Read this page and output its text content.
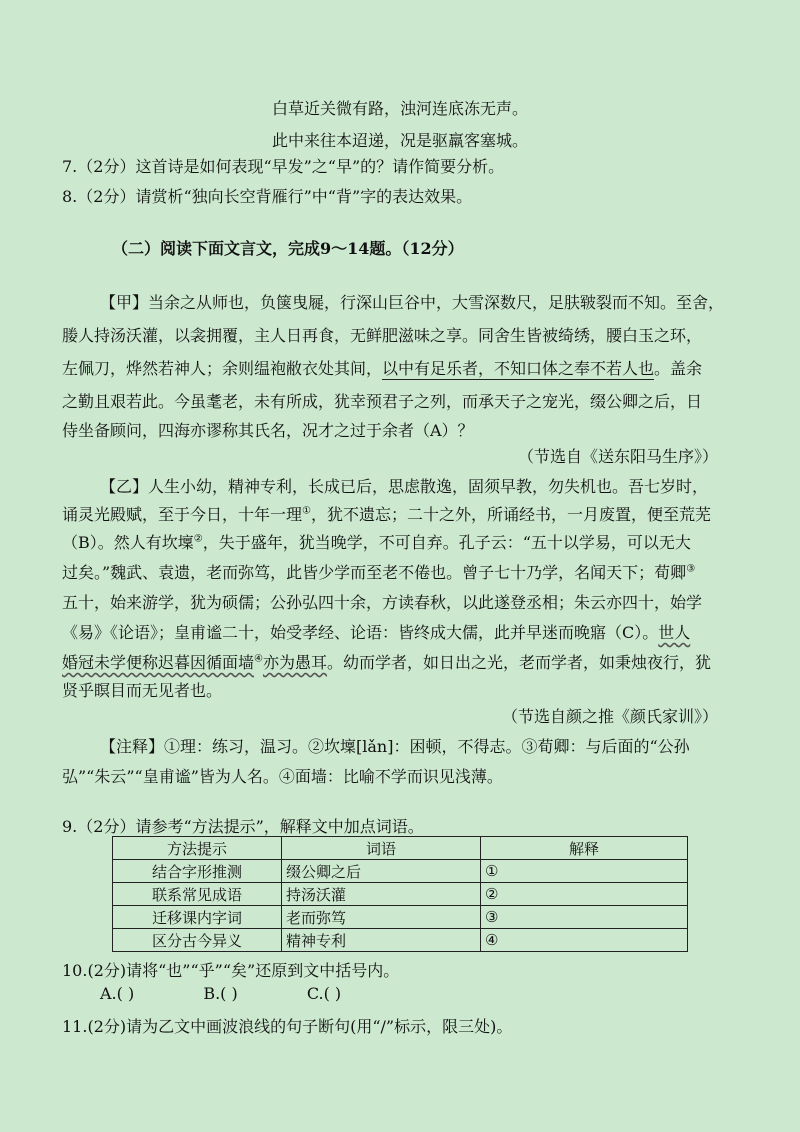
白草近关微有路，浊河连底冻无声。
此中来往本迢递，况是驱羸客塞城。
7.（2分）这首诗是如何表现“早发”之“早”的？请作简要分析。
8.（2分）请赏析“独向长空背雁行”中“背”字的表达效果。
（二）阅读下面文言文，完成9～14题。（12分）
【甲】当余之从师也，负箧曳屣，行深山巨谷中，大雪深数尺，足肤皲裂而不知。至舍，
媵人持汤沃灌，以衾拥覆，主人日再食，无鲜肥滋味之享。同舍生皆被绮绣，腰白玉之环，
左佩刀，烨然若神人；余则缊袍敝衣处其间，以中有足乐者，不知口体之奉不若人也。盖余
之勤且艰若此。今虽耄老，未有所成，犹幸预君子之列，而承天子之宠光，缀公卿之后，日
侍坐备顾问，四海亦谬称其氏名，况才之过于余者（A）？
（节选自《送东阳马生序》）
【乙】人生小幼，精神专利，长成已后，思虑散逸，固须早教，勿失机也。吾七岁时，
诵灵光殿赋，至于今日，十年一理①，犹不遗忘；二十之外，所诵经书，一月废置，便至荒芜
（B）。然人有坎壈②，失于盛年，犹当晚学，不可自弃。孔子云：“五十以学易，可以无大
过矣。”魏武、袁遗，老而弥笃，此皆少学而至老不倦也。曾子七十乃学，名闻天下；荀卿③
五十，始来游学，犹为硕儒；公孙弘四十余，方读春秋，以此遂登丞相；朱云亦四十，始学
《易》《论语》；皇甫谧二十，始受孝经、论语：皆终成大儒，此并早迷而晚寤（C）。世人
婚冠未学便称迟暮因循面墙④亦为愚耳。幼而学者，如日出之光，老而学者，如秉烛夜行，犹
贤乎瞑目而无见者也。
（节选自颜之推《颜氏家训》）
【注释】①理：练习，温习。②坎壈[lǎn]：困顿，不得志。③荀卿：与后面的“公孙
弘”“朱云”“皇甫谧”皆为人名。④面墙：比喻不学而识见浅薄。
9.（2分）请参考“方法提示”，解释文中加点词语。
方法提示	词语	解释
结合字形推测	缀公卿之后	①
联系常见成语	持汤沃灌	②
迁移课内字词	老而弥笃	③
区分古今异义	精神专利	④
10.(2分)请将“也”“乎”“矣”还原到文中括号内。
A.( )	B.( )	C.( )
11.(2分)请为乙文中画波浪线的句子断句(用“/”标示，限三处)。
